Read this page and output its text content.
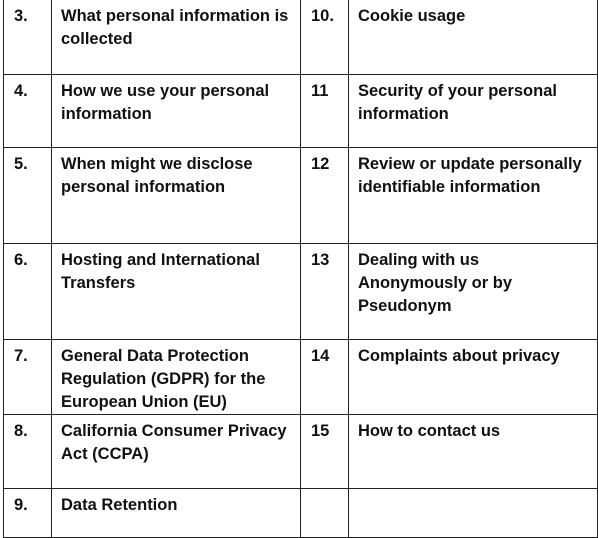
3.	What personal information is collected	10.	Cookie usage
4.	How we use your personal information	11	Security of your personal information
5.	When might we disclose personal information	12	Review or update personally identifiable information
6.	Hosting and International Transfers	13	Dealing with us Anonymously or by Pseudonym
7.	General Data Protection Regulation (GDPR) for the European Union (EU)	14	Complaints about privacy
8.	California Consumer Privacy Act (CCPA)	15	How to contact us
9.	Data Retention		
